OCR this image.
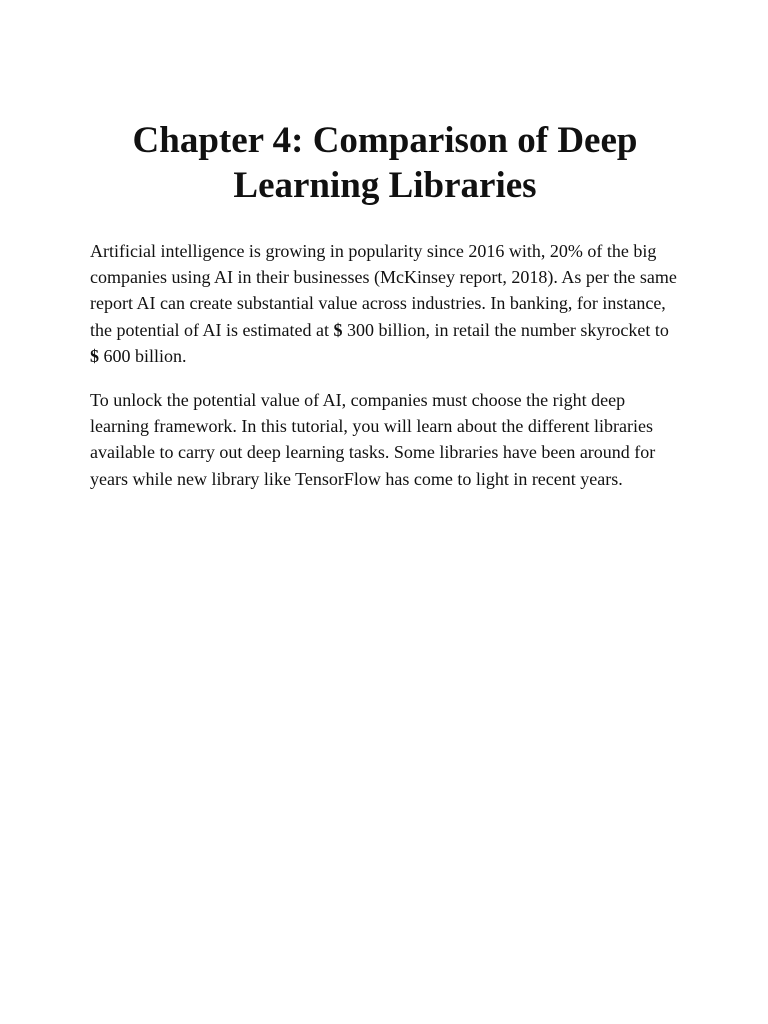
Chapter 4: Comparison of Deep
Learning Libraries

Artificial intelligence is growing in popularity since 2016 with, 20% of the big companies using AI in their businesses (McKinsey report, 2018). As per the same report AI can create substantial value across industries. In banking, for instance, the potential of AI is estimated at $ 300 billion, in retail the number skyrocket to $ 600 billion.

To unlock the potential value of AI, companies must choose the right deep learning framework. In this tutorial, you will learn about the different libraries available to carry out deep learning tasks. Some libraries have been around for years while new library like TensorFlow has come to light in recent years.
